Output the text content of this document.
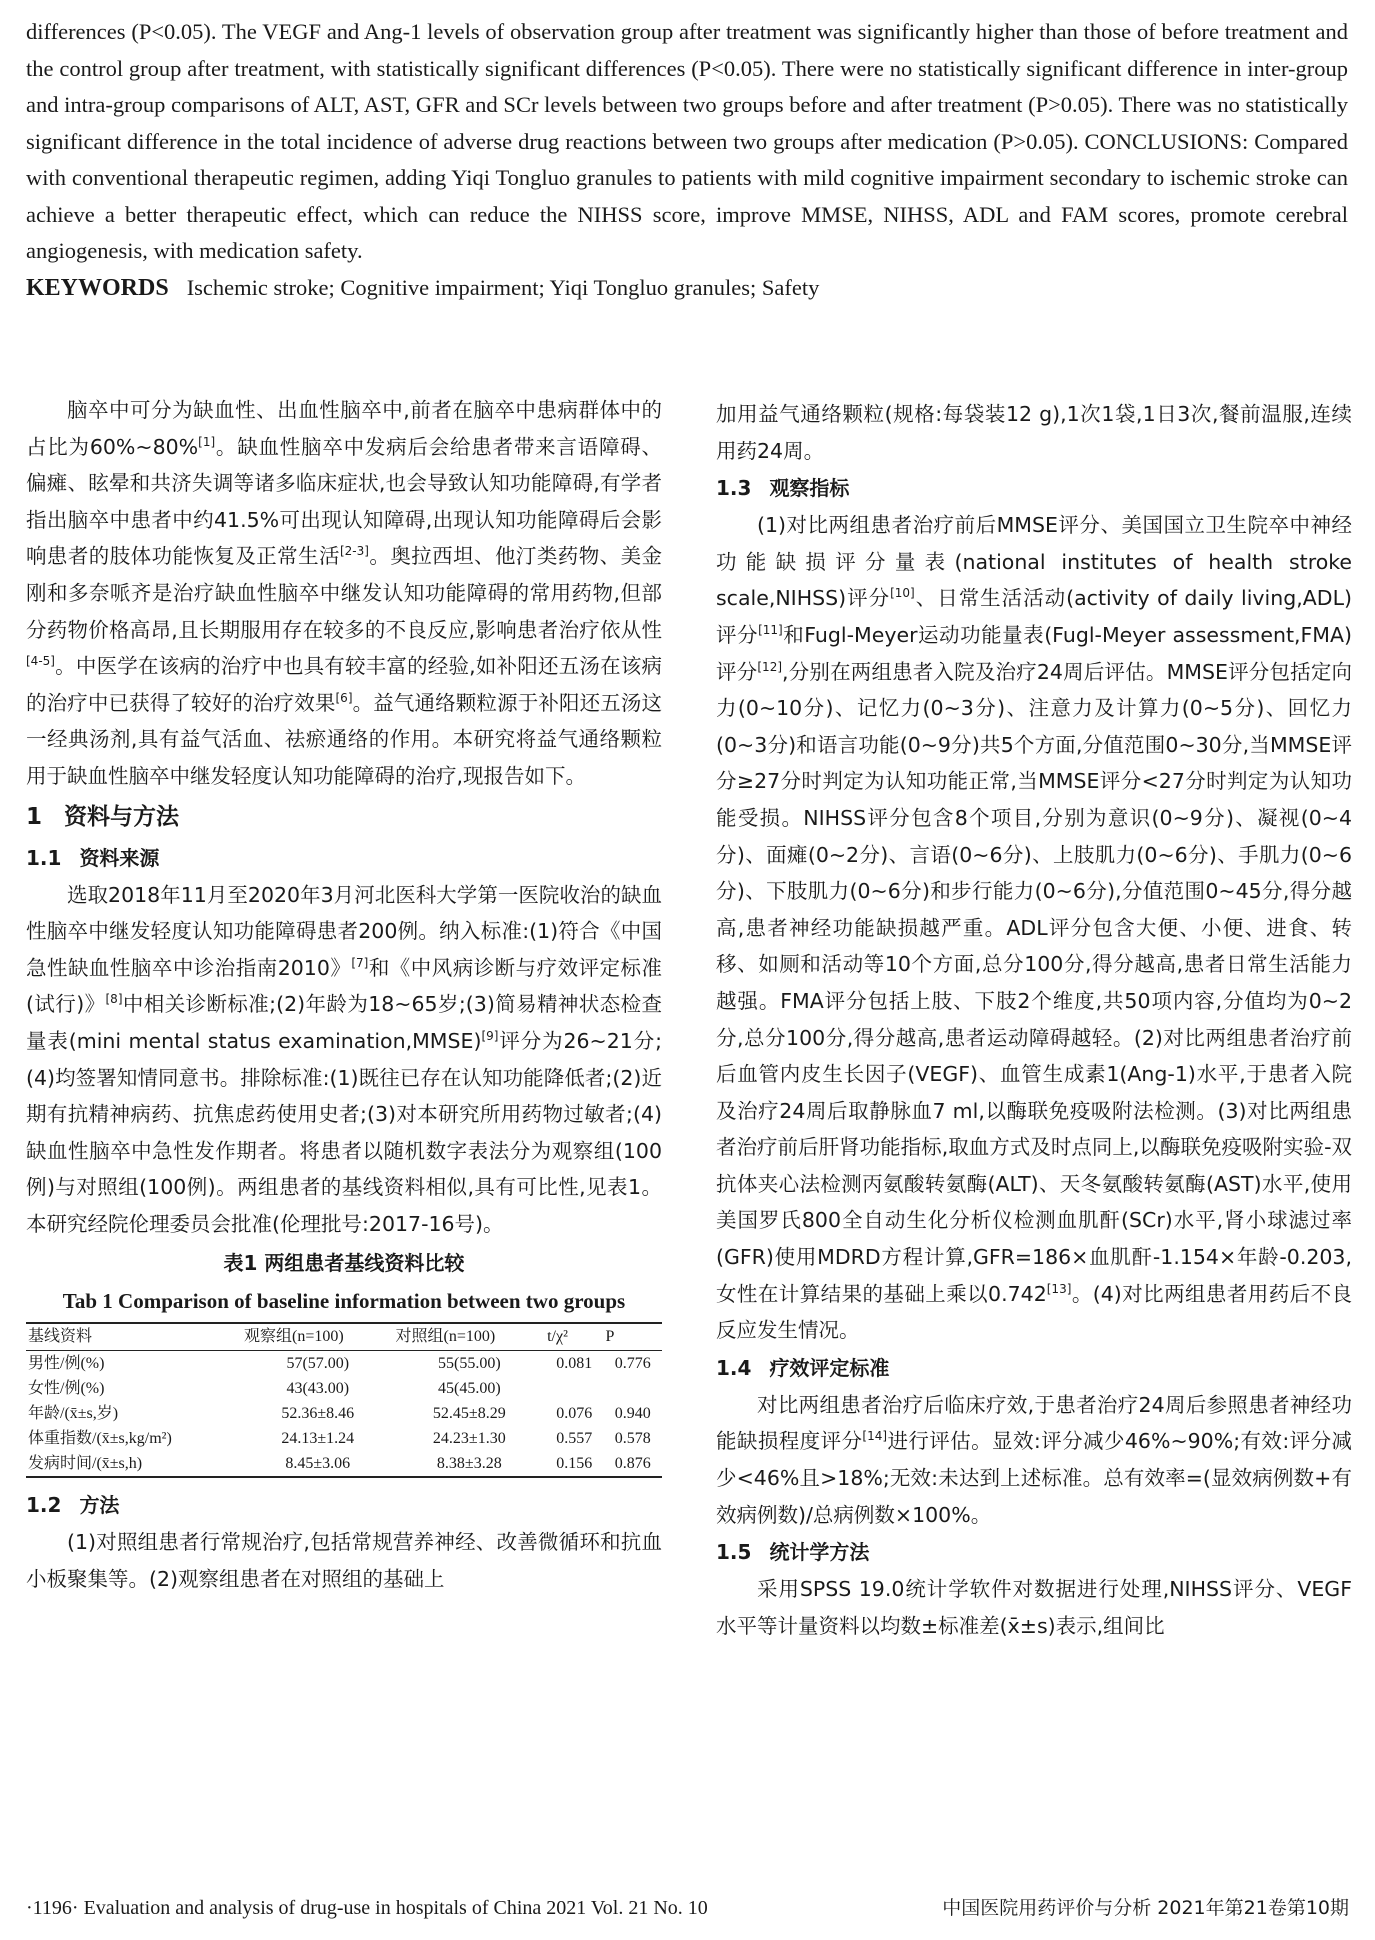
differences (P<0.05). The VEGF and Ang-1 levels of observation group after treatment was significantly higher than those of before treatment and the control group after treatment, with statistically significant differences (P<0.05). There were no statistically significant difference in inter-group and intra-group comparisons of ALT, AST, GFR and SCr levels between two groups before and after treatment (P>0.05). There was no statistically significant difference in the total incidence of adverse drug reactions between two groups after medication (P>0.05). CONCLUSIONS: Compared with conventional therapeutic regimen, adding Yiqi Tongluo granules to patients with mild cognitive impairment secondary to ischemic stroke can achieve a better therapeutic effect, which can reduce the NIHSS score, improve MMSE, NIHSS, ADL and FAM scores, promote cerebral angiogenesis, with medication safety.

KEYWORDS Ischemic stroke; Cognitive impairment; Yiqi Tongluo granules; Safety

脑卒中可分为缺血性、出血性脑卒中,前者在脑卒中患病群体中的占比为60%~80%[1]。缺血性脑卒中发病后会给患者带来言语障碍、偏瘫、眩晕和共济失调等诸多临床症状,也会导致认知功能障碍,有学者指出脑卒中患者中约41.5%可出现认知障碍,出现认知功能障碍后会影响患者的肢体功能恢复及正常生活[2-3]。奥拉西坦、他汀类药物、美金刚和多奈哌齐是治疗缺血性脑卒中继发认知功能障碍的常用药物,但部分药物价格高昂,且长期服用存在较多的不良反应,影响患者治疗依从性[4-5]。中医学在该病的治疗中也具有较丰富的经验,如补阳还五汤在该病的治疗中已获得了较好的治疗效果[6]。益气通络颗粒源于补阳还五汤这一经典汤剂,具有益气活血、祛瘀通络的作用。本研究将益气通络颗粒用于缺血性脑卒中继发轻度认知功能障碍的治疗,现报告如下。

1 资料与方法
1.1 资料来源

选取2018年11月至2020年3月河北医科大学第一医院收治的缺血性脑卒中继发轻度认知功能障碍患者200例。纳入标准:(1)符合《中国急性缺血性脑卒中诊治指南2010》[7]和《中风病诊断与疗效评定标准(试行)》[8]中相关诊断标准;(2)年龄为18~65岁;(3)简易精神状态检查量表(mini mental status examination,MMSE)[9]评分为26~21分;(4)均签署知情同意书。排除标准:(1)既往已存在认知功能降低者;(2)近期有抗精神病药、抗焦虑药使用史者;(3)对本研究所用药物过敏者;(4)缺血性脑卒中急性发作期者。将患者以随机数字表法分为观察组(100例)与对照组(100例)。两组患者的基线资料相似,具有可比性,见表1。本研究经院伦理委员会批准(伦理批号:2017-16号)。

表1 两组患者基线资料比较
Tab 1 Comparison of baseline information between two groups
基线资料	观察组(n=100)	对照组(n=100)	t/χ²	P
男性/例(%)	57(57.00)	55(55.00)	0.081	0.776
女性/例(%)	43(43.00)	45(45.00)		
年龄/(x̄±s,岁)	52.36±8.46	52.45±8.29	0.076	0.940
体重指数/(x̄±s,kg/m²)	24.13±1.24	24.23±1.30	0.557	0.578
发病时间/(x̄±s,h)	8.45±3.06	8.38±3.28	0.156	0.876
1.2 方法

(1)对照组患者行常规治疗,包括常规营养神经、改善微循环和抗血小板聚集等。(2)观察组患者在对照组的基础上

加用益气通络颗粒(规格:每袋装12 g),1次1袋,1日3次,餐前温服,连续用药24周。

1.3 观察指标

(1)对比两组患者治疗前后MMSE评分、美国国立卫生院卒中神经功能缺损评分量表(national institutes of health stroke scale,NIHSS)评分[10]、日常生活活动(activity of daily living,ADL)评分[11]和Fugl-Meyer运动功能量表(Fugl-Meyer assessment,FMA)评分[12],分别在两组患者入院及治疗24周后评估。MMSE评分包括定向力(0~10分)、记忆力(0~3分)、注意力及计算力(0~5分)、回忆力(0~3分)和语言功能(0~9分)共5个方面,分值范围0~30分,当MMSE评分≥27分时判定为认知功能正常,当MMSE评分<27分时判定为认知功能受损。NIHSS评分包含8个项目,分别为意识(0~9分)、凝视(0~4分)、面瘫(0~2分)、言语(0~6分)、上肢肌力(0~6分)、手肌力(0~6分)、下肢肌力(0~6分)和步行能力(0~6分),分值范围0~45分,得分越高,患者神经功能缺损越严重。ADL评分包含大便、小便、进食、转移、如厕和活动等10个方面,总分100分,得分越高,患者日常生活能力越强。FMA评分包括上肢、下肢2个维度,共50项内容,分值均为0~2分,总分100分,得分越高,患者运动障碍越轻。(2)对比两组患者治疗前后血管内皮生长因子(VEGF)、血管生成素1(Ang-1)水平,于患者入院及治疗24周后取静脉血7 ml,以酶联免疫吸附法检测。(3)对比两组患者治疗前后肝肾功能指标,取血方式及时点同上,以酶联免疫吸附实验-双抗体夹心法检测丙氨酸转氨酶(ALT)、天冬氨酸转氨酶(AST)水平,使用美国罗氏800全自动生化分析仪检测血肌酐(SCr)水平,肾小球滤过率(GFR)使用MDRD方程计算,GFR=186×血肌酐-1.154×年龄-0.203,女性在计算结果的基础上乘以0.742[13]。(4)对比两组患者用药后不良反应发生情况。

1.4 疗效评定标准

对比两组患者治疗后临床疗效,于患者治疗24周后参照患者神经功能缺损程度评分[14]进行评估。显效:评分减少46%~90%;有效:评分减少<46%且>18%;无效:未达到上述标准。总有效率=(显效病例数+有效病例数)/总病例数×100%。

1.5 统计学方法

采用SPSS 19.0统计学软件对数据进行处理,NIHSS评分、VEGF水平等计量资料以均数±标准差(x̄±s)表示,组间比

·1196· Evaluation and analysis of drug-use in hospitals of China 2021 Vol. 21 No. 10	中国医院用药评价与分析 2021年第21卷第10期
